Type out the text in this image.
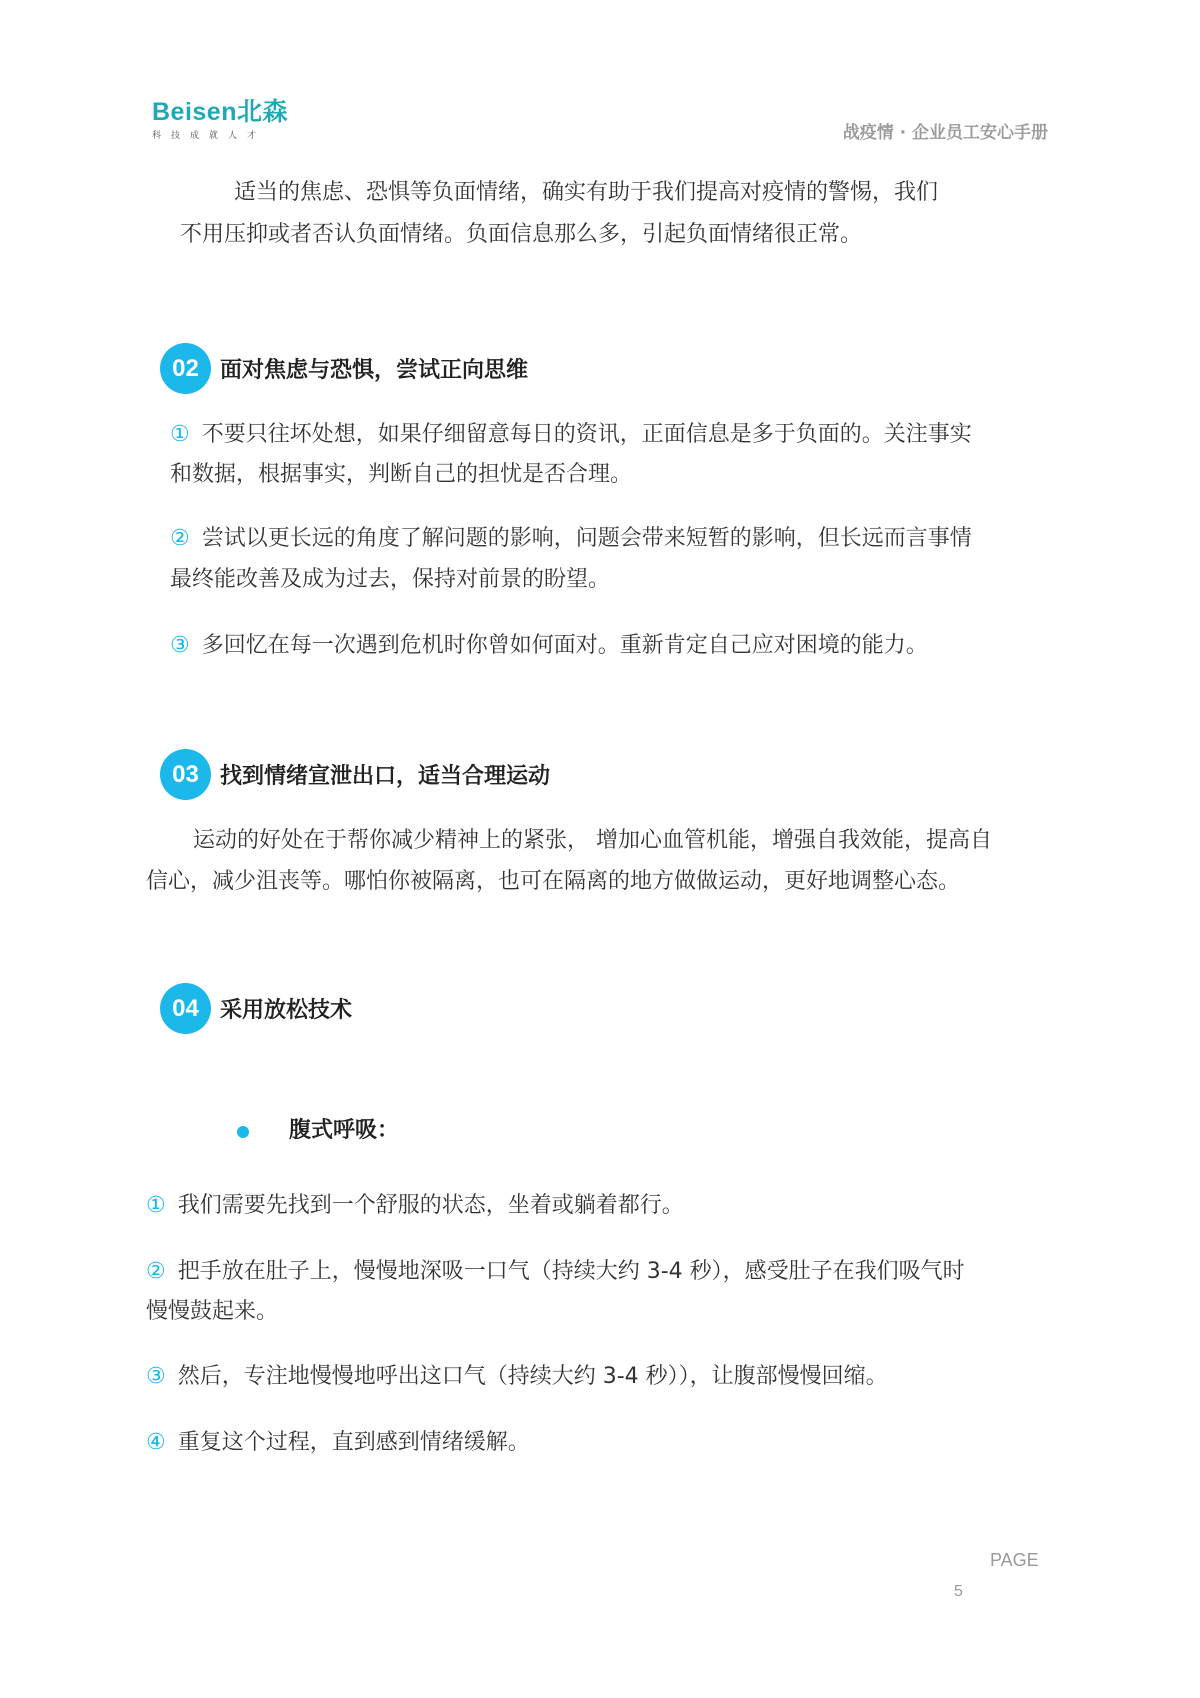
Beisen北森
科技成就人才	战疫情 · 企业员工安心手册
适当的焦虑、恐惧等负面情绪，确实有助于我们提高对疫情的警惕，我们
不用压抑或者否认负面情绪。负面信息那么多，引起负面情绪很正常。
02 面对焦虑与恐惧，尝试正向思维
① 不要只往坏处想，如果仔细留意每日的资讯，正面信息是多于负面的。关注事实
和数据，根据事实，判断自己的担忧是否合理。
② 尝试以更长远的角度了解问题的影响，问题会带来短暂的影响，但长远而言事情
最终能改善及成为过去，保持对前景的盼望。
③ 多回忆在每一次遇到危机时你曾如何面对。重新肯定自己应对困境的能力。
03 找到情绪宣泄出口，适当合理运动
运动的好处在于帮你减少精神上的紧张， 增加心血管机能，增强自我效能，提高自
信心，减少沮丧等。哪怕你被隔离，也可在隔离的地方做做运动，更好地调整心态。
04 采用放松技术
腹式呼吸：
① 我们需要先找到一个舒服的状态，坐着或躺着都行。
② 把手放在肚子上，慢慢地深吸一口气（持续大约 3-4 秒），感受肚子在我们吸气时
慢慢鼓起来。
③ 然后，专注地慢慢地呼出这口气（持续大约 3-4 秒）），让腹部慢慢回缩。
④ 重复这个过程，直到感到情绪缓解。
PAGE
5
